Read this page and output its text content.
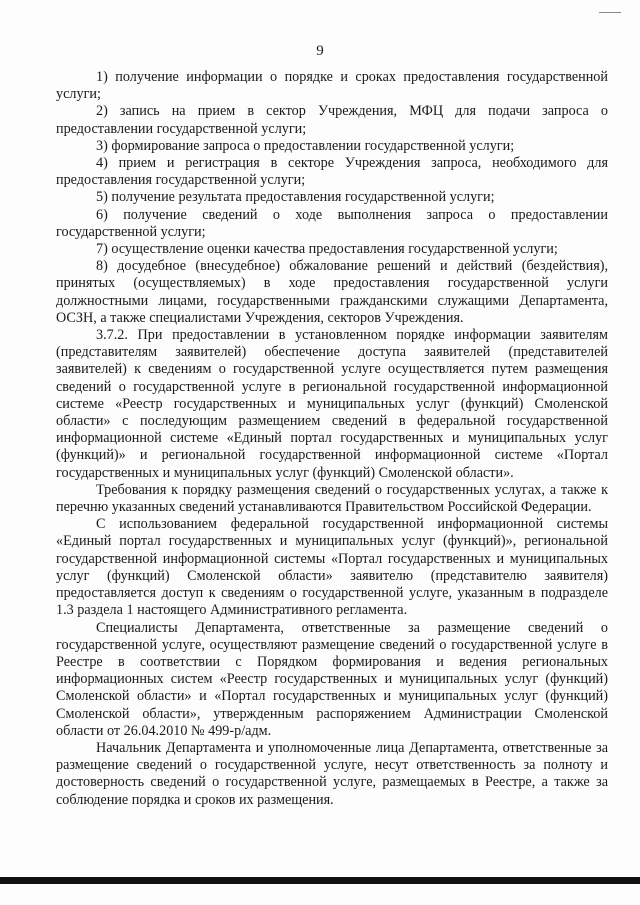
9

1) получение информации о порядке и сроках предоставления государственной услуги;

2) запись на прием в сектор Учреждения, МФЦ для подачи запроса о предоставлении государственной услуги;

3) формирование запроса о предоставлении государственной услуги;

4) прием и регистрация в секторе Учреждения запроса, необходимого для предоставления государственной услуги;

5) получение результата предоставления государственной услуги;

6) получение сведений о ходе выполнения запроса о предоставлении государственной услуги;

7) осуществление оценки качества предоставления государственной услуги;

8) досудебное (внесудебное) обжалование решений и действий (бездействия), принятых (осуществляемых) в ходе предоставления государственной услуги должностными лицами, государственными гражданскими служащими Департамента, ОСЗН, а также специалистами Учреждения, секторов Учреждения.

3.7.2. При предоставлении в установленном порядке информации заявителям (представителям заявителей) обеспечение доступа заявителей (представителей заявителей) к сведениям о государственной услуге осуществляется путем размещения сведений о государственной услуге в региональной государственной информационной системе «Реестр государственных и муниципальных услуг (функций) Смоленской области» с последующим размещением сведений в федеральной государственной информационной системе «Единый портал государственных и муниципальных услуг (функций)» и региональной государственной информационной системе «Портал государственных и муниципальных услуг (функций) Смоленской области».

Требования к порядку размещения сведений о государственных услугах, а также к перечню указанных сведений устанавливаются Правительством Российской Федерации.

С использованием федеральной государственной информационной системы «Единый портал государственных и муниципальных услуг (функций)», региональной государственной информационной системы «Портал государственных и муниципальных услуг (функций) Смоленской области» заявителю (представителю заявителя) предоставляется доступ к сведениям о государственной услуге, указанным в подразделе 1.3 раздела 1 настоящего Административного регламента.

Специалисты Департамента, ответственные за размещение сведений о государственной услуге, осуществляют размещение сведений о государственной услуге в Реестре в соответствии с Порядком формирования и ведения региональных информационных систем «Реестр государственных и муниципальных услуг (функций) Смоленской области» и «Портал государственных и муниципальных услуг (функций) Смоленской области», утвержденным распоряжением Администрации Смоленской области от 26.04.2010 № 499-р/адм.

Начальник Департамента и уполномоченные лица Департамента, ответственные за размещение сведений о государственной услуге, несут ответственность за полноту и достоверность сведений о государственной услуге, размещаемых в Реестре, а также за соблюдение порядка и сроков их размещения.
